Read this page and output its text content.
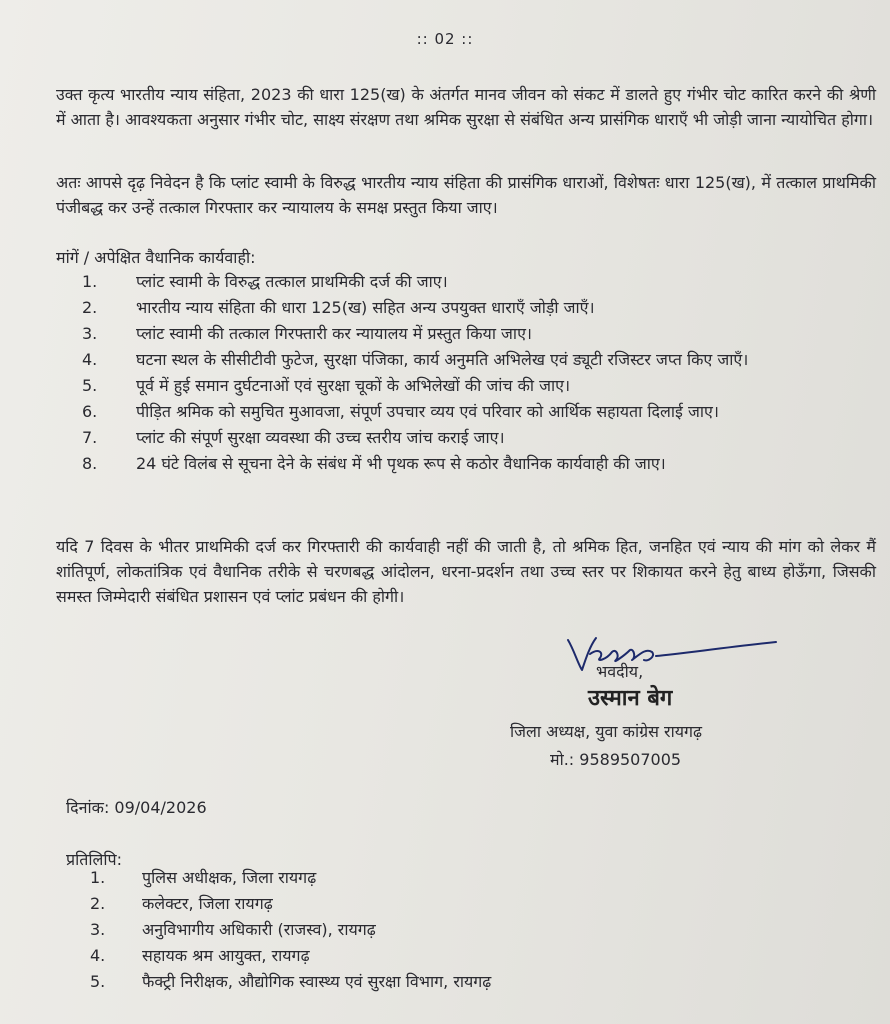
:: 02 ::

उक्त कृत्य भारतीय न्याय संहिता, 2023 की धारा 125(ख) के अंतर्गत मानव जीवन को संकट में डालते हुए गंभीर चोट कारित करने की श्रेणी में आता है। आवश्यकता अनुसार गंभीर चोट, साक्ष्य संरक्षण तथा श्रमिक सुरक्षा से संबंधित अन्य प्रासंगिक धाराएँ भी जोड़ी जाना न्यायोचित होगा।

अतः आपसे दृढ़ निवेदन है कि प्लांट स्वामी के विरुद्ध भारतीय न्याय संहिता की प्रासंगिक धाराओं, विशेषतः धारा 125(ख), में तत्काल प्राथमिकी पंजीबद्ध कर उन्हें तत्काल गिरफ्तार कर न्यायालय के समक्ष प्रस्तुत किया जाए।

मांगें / अपेक्षित वैधानिक कार्यवाही:
1.	प्लांट स्वामी के विरुद्ध तत्काल प्राथमिकी दर्ज की जाए।
2.	भारतीय न्याय संहिता की धारा 125(ख) सहित अन्य उपयुक्त धाराएँ जोड़ी जाएँ।
3.	प्लांट स्वामी की तत्काल गिरफ्तारी कर न्यायालय में प्रस्तुत किया जाए।
4.	घटना स्थल के सीसीटीवी फुटेज, सुरक्षा पंजिका, कार्य अनुमति अभिलेख एवं ड्यूटी रजिस्टर जप्त किए जाएँ।
5.	पूर्व में हुई समान दुर्घटनाओं एवं सुरक्षा चूकों के अभिलेखों की जांच की जाए।
6.	पीड़ित श्रमिक को समुचित मुआवजा, संपूर्ण उपचार व्यय एवं परिवार को आर्थिक सहायता दिलाई जाए।
7.	प्लांट की संपूर्ण सुरक्षा व्यवस्था की उच्च स्तरीय जांच कराई जाए।
8.	24 घंटे विलंब से सूचना देने के संबंध में भी पृथक रूप से कठोर वैधानिक कार्यवाही की जाए।

यदि 7 दिवस के भीतर प्राथमिकी दर्ज कर गिरफ्तारी की कार्यवाही नहीं की जाती है, तो श्रमिक हित, जनहित एवं न्याय की मांग को लेकर मैं शांतिपूर्ण, लोकतांत्रिक एवं वैधानिक तरीके से चरणबद्ध आंदोलन, धरना-प्रदर्शन तथा उच्च स्तर पर शिकायत करने हेतु बाध्य होऊँगा, जिसकी समस्त जिम्मेदारी संबंधित प्रशासन एवं प्लांट प्रबंधन की होगी।

भवदीय,
उस्मान बेग
जिला अध्यक्ष, युवा कांग्रेस रायगढ़
मो.: 9589507005
दिनांक: 09/04/2026
प्रतिलिपि:
1.	पुलिस अधीक्षक, जिला रायगढ़
2.	कलेक्टर, जिला रायगढ़
3.	अनुविभागीय अधिकारी (राजस्व), रायगढ़
4.	सहायक श्रम आयुक्त, रायगढ़
5.	फैक्ट्री निरीक्षक, औद्योगिक स्वास्थ्य एवं सुरक्षा विभाग, रायगढ़
